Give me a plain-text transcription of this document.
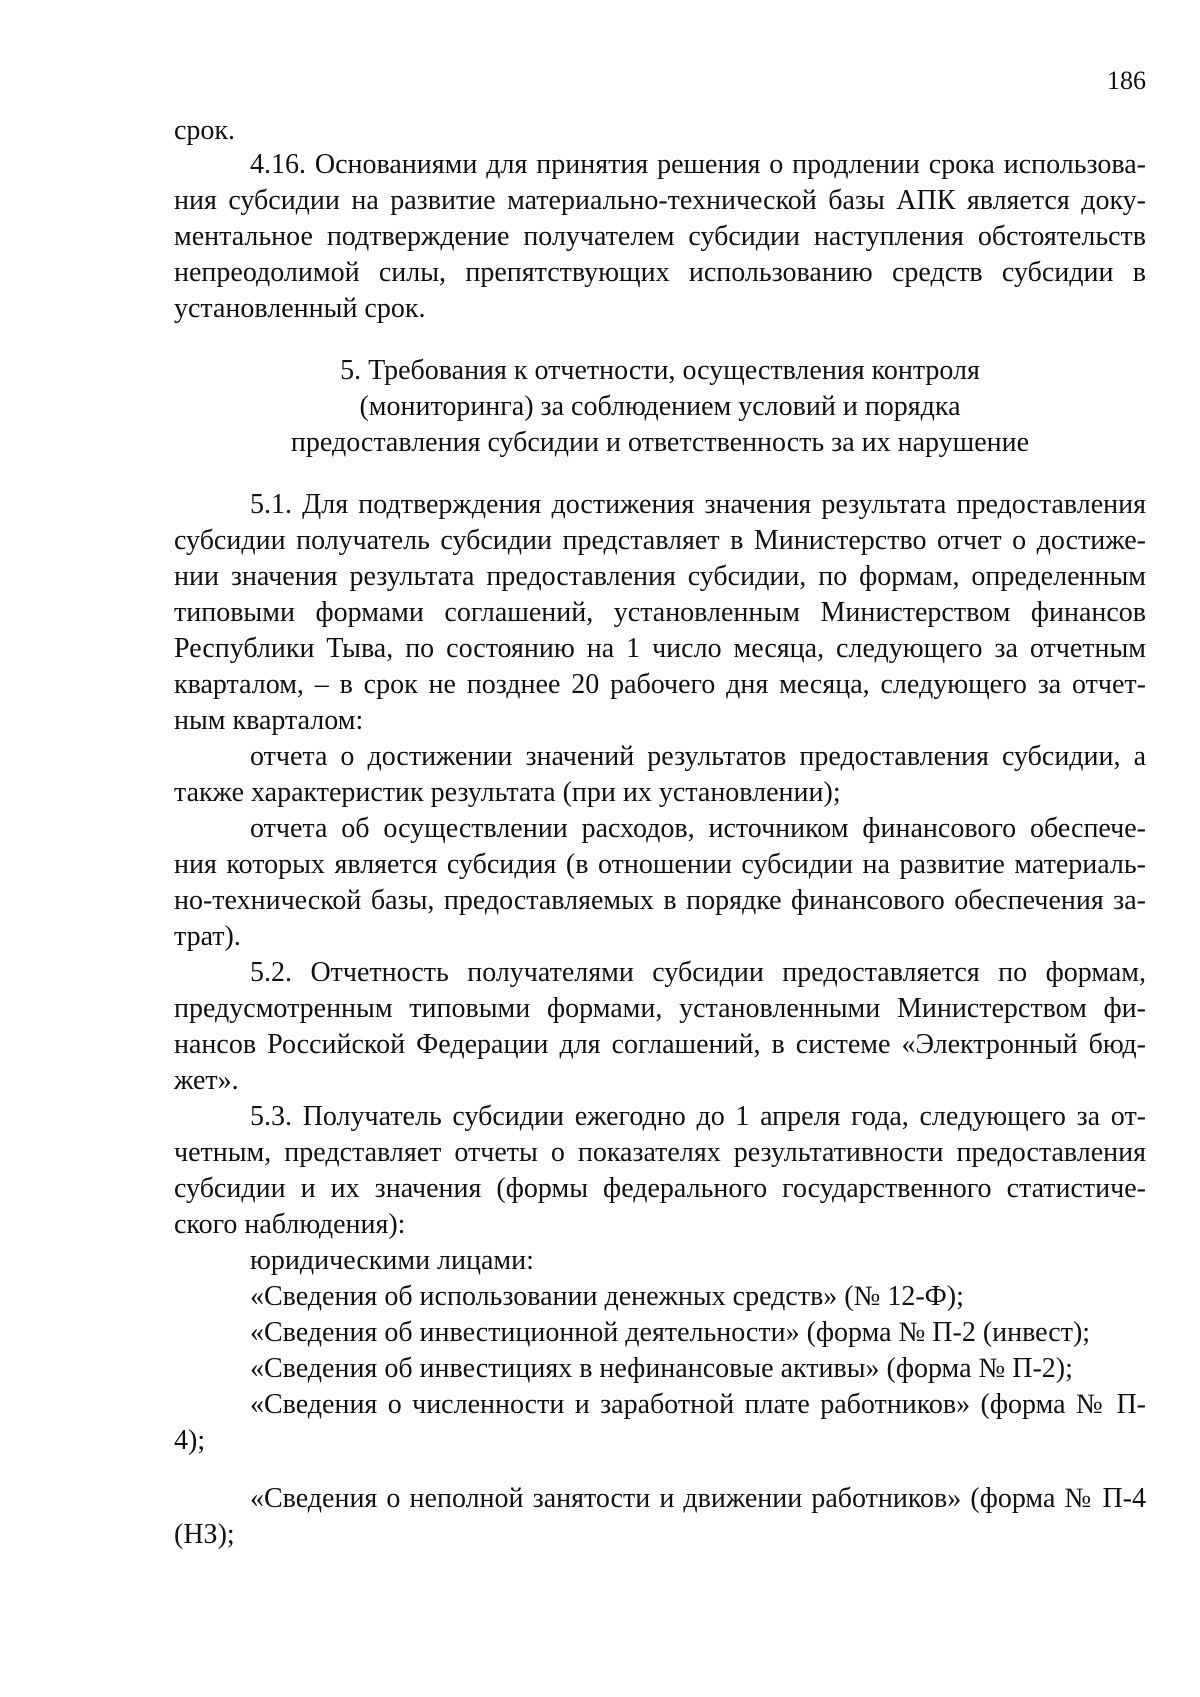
186
срок.
4.16. Основаниями для принятия решения о продлении срока использова-
ния субсидии на развитие материально-технической базы АПК является доку-
ментальное подтверждение получателем субсидии наступления обстоятельств
непреодолимой силы, препятствующих использованию средств субсидии в
установленный срок.
5. Требования к отчетности, осуществления контроля
(мониторинга) за соблюдением условий и порядка
предоставления субсидии и ответственность за их нарушение
5.1. Для подтверждения достижения значения результата предоставления
субсидии получатель субсидии представляет в Министерство отчет о достиже-
нии значения результата предоставления субсидии, по формам, определенным
типовыми формами соглашений, установленным Министерством финансов
Республики Тыва, по состоянию на 1 число месяца, следующего за отчетным
кварталом, – в срок не позднее 20 рабочего дня месяца, следующего за отчет-
ным кварталом:
отчета о достижении значений результатов предоставления субсидии, а
также характеристик результата (при их установлении);
отчета об осуществлении расходов, источником финансового обеспече-
ния которых является субсидия (в отношении субсидии на развитие материаль-
но-технической базы, предоставляемых в порядке финансового обеспечения за-
трат).
5.2. Отчетность получателями субсидии предоставляется по формам,
предусмотренным типовыми формами, установленными Министерством фи-
нансов Российской Федерации для соглашений, в системе «Электронный бюд-
жет».
5.3. Получатель субсидии ежегодно до 1 апреля года, следующего за от-
четным, представляет отчеты о показателях результативности предоставления
субсидии и их значения (формы федерального государственного статистиче-
ского наблюдения):
юридическими лицами:
«Сведения об использовании денежных средств» (№ 12-Ф);
«Сведения об инвестиционной деятельности» (форма № П-2 (инвест);
«Сведения об инвестициях в нефинансовые активы» (форма № П-2);
«Сведения о численности и заработной плате работников» (форма № П-
4);
«Сведения о неполной занятости и движении работников» (форма № П-4
(НЗ);
